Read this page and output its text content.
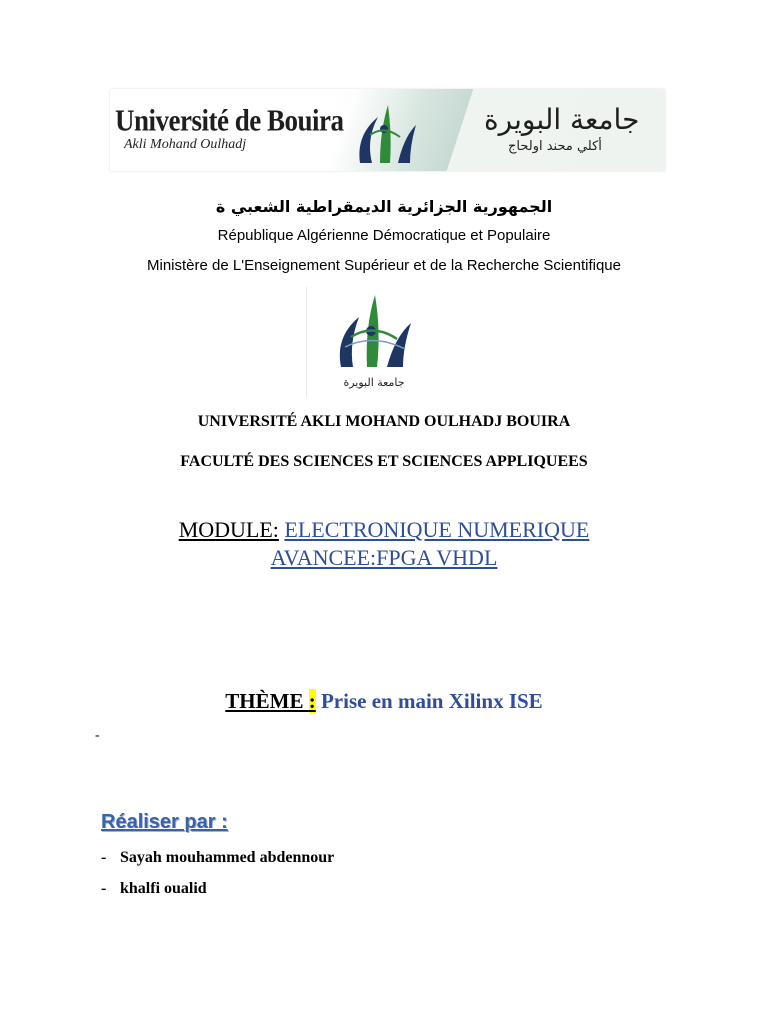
Université de Bouira
Akli Mohand Oulhadj
جامعة البويرة
أكلي محند اولحاج
الجمهورية الجزائرية الديمقراطية الشعبي ة
République Algérienne Démocratique et Populaire
Ministère de L'Enseignement Supérieur et de la Recherche Scientifique
جامعة البويرة
UNIVERSITÉ AKLI MOHAND OULHADJ BOUIRA
FACULTÉ DES SCIENCES ET SCIENCES APPLIQUEES
MODULE: ELECTRONIQUE NUMERIQUE
AVANCEE:FPGA VHDL
THÈME : Prise en main Xilinx ISE
-
Réaliser par :
- Sayah mouhammed abdennour
- khalfi oualid
